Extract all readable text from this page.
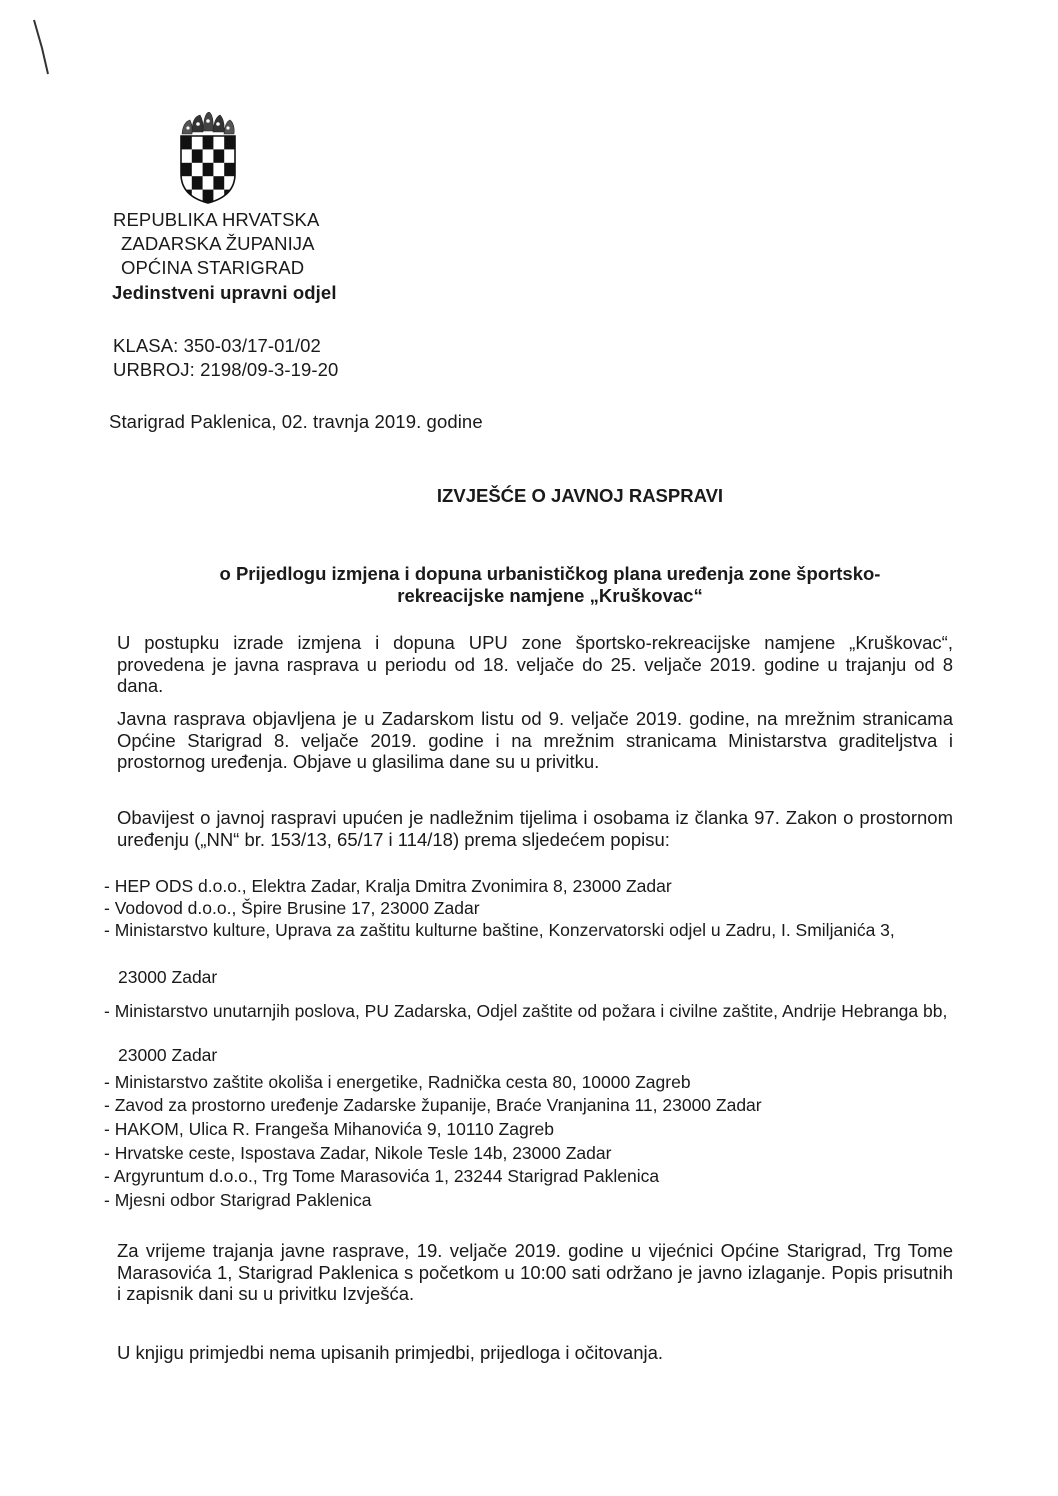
REPUBLIKA HRVATSKA
ZADARSKA ŽUPANIJA
OPĆINA STARIGRAD
Jedinstveni upravni odjel
KLASA: 350-03/17-01/02
URBROJ: 2198/09-3-19-20
Starigrad Paklenica, 02. travnja 2019. godine
IZVJEŠĆE O JAVNOJ RASPRAVI
o Prijedlogu izmjena i dopuna urbanističkog plana uređenja zone športsko-
rekreacijske namjene „Kruškovac“
U postupku izrade izmjena i dopuna UPU zone športsko-rekreacijske namjene „Kruškovac“, provedena je javna rasprava u periodu od 18. veljače do 25. veljače 2019. godine u trajanju od 8 dana.
Javna rasprava objavljena je u Zadarskom listu od 9. veljače 2019. godine, na mrežnim stranicama Općine Starigrad 8. veljače 2019. godine i na mrežnim stranicama Ministarstva graditeljstva i prostornog uređenja. Objave u glasilima dane su u privitku.
Obavijest o javnoj raspravi upućen je nadležnim tijelima i osobama iz članka 97. Zakon o prostornom uređenju („NN“ br. 153/13, 65/17 i 114/18) prema sljedećem popisu:
- HEP ODS d.o.o., Elektra Zadar, Kralja Dmitra Zvonimira 8, 23000 Zadar
- Vodovod d.o.o., Špire Brusine 17, 23000 Zadar
- Ministarstvo kulture, Uprava za zaštitu kulturne baštine, Konzervatorski odjel u Zadru, I. Smiljanića 3,
23000 Zadar
- Ministarstvo unutarnjih poslova, PU Zadarska, Odjel zaštite od požara i civilne zaštite, Andrije Hebranga bb,
23000 Zadar
- Ministarstvo zaštite okoliša i energetike, Radnička cesta 80, 10000 Zagreb
- Zavod za prostorno uređenje Zadarske županije, Braće Vranjanina 11, 23000 Zadar
- HAKOM, Ulica R. Frangeša Mihanovića 9, 10110 Zagreb
- Hrvatske ceste, Ispostava Zadar, Nikole Tesle 14b, 23000 Zadar
- Argyruntum d.o.o., Trg Tome Marasovića 1, 23244 Starigrad Paklenica
- Mjesni odbor Starigrad Paklenica
Za vrijeme trajanja javne rasprave, 19. veljače 2019. godine u vijećnici Općine Starigrad, Trg Tome Marasovića 1, Starigrad Paklenica s početkom u 10:00 sati održano je javno izlaganje. Popis prisutnih i zapisnik dani su u privitku Izvješća.
U knjigu primjedbi nema upisanih primjedbi, prijedloga i očitovanja.
